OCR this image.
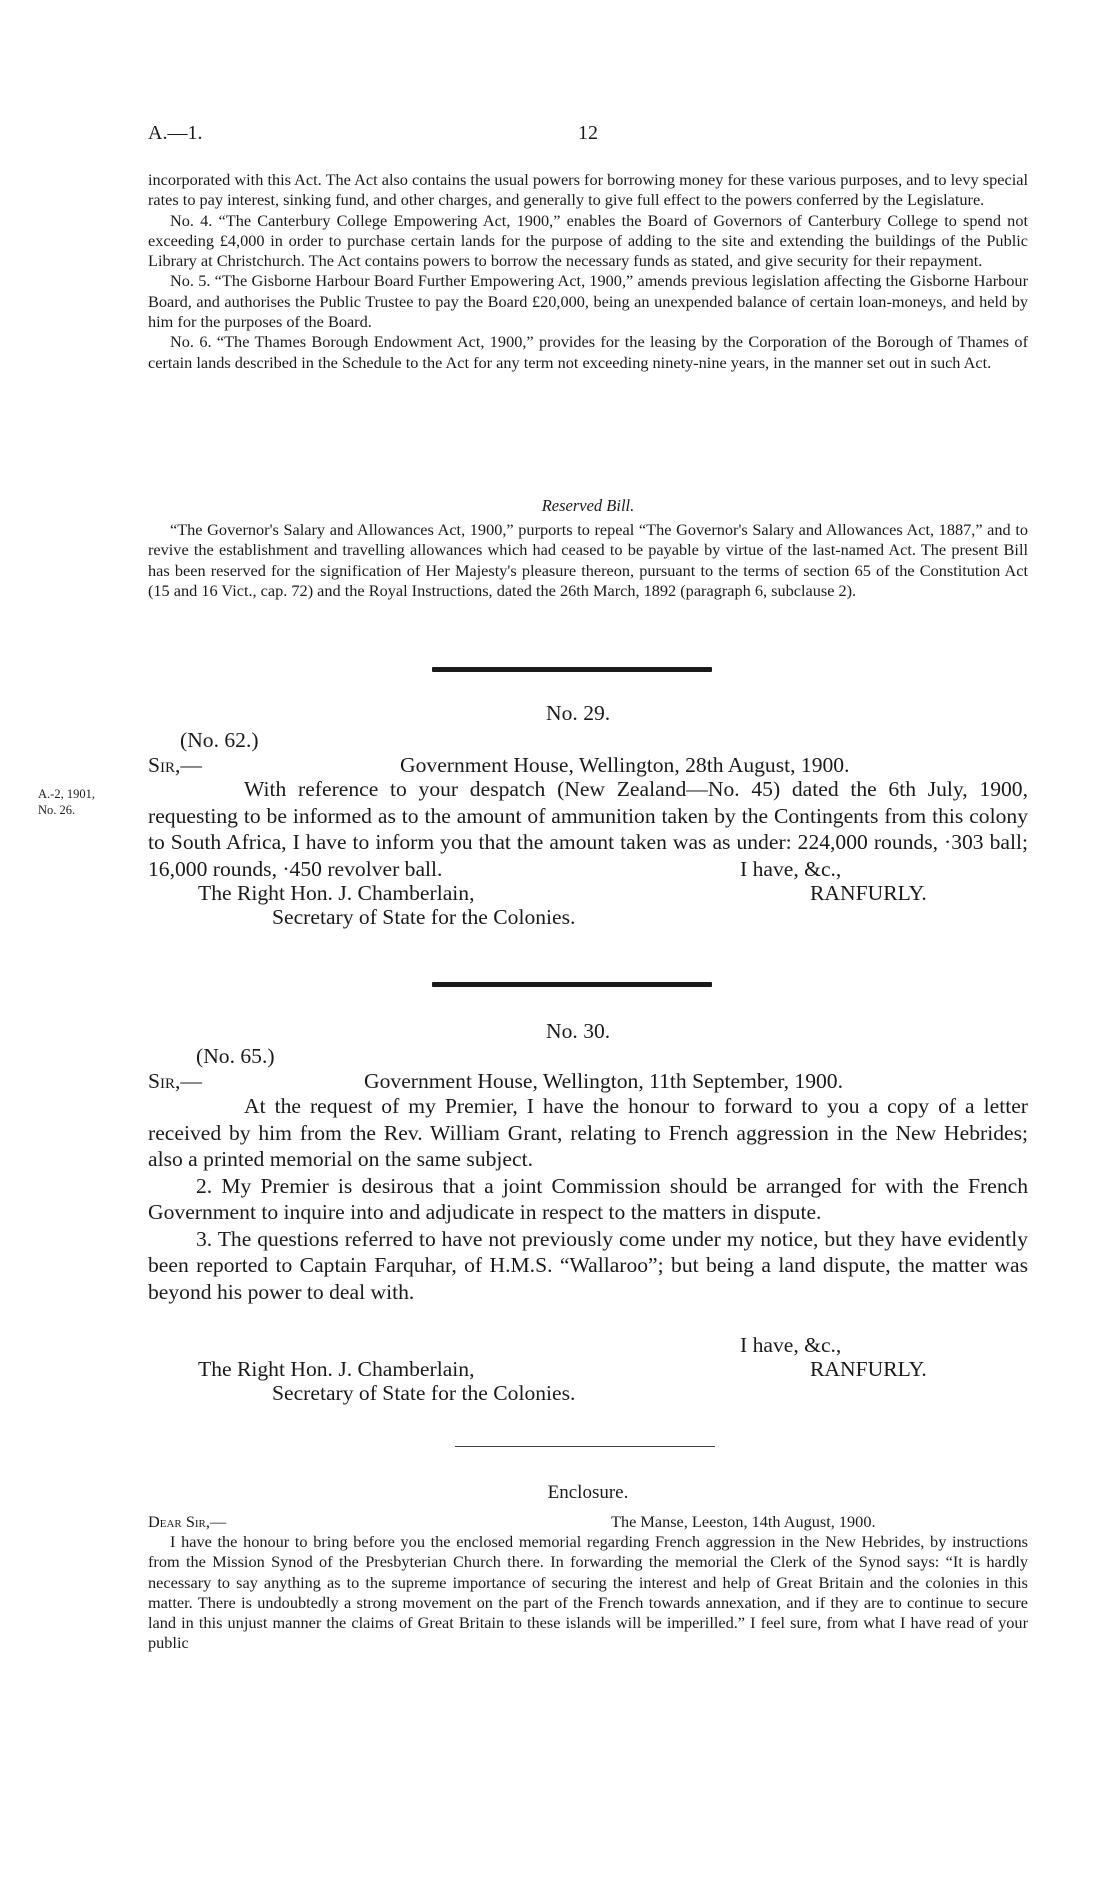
A.—1.	12

incorporated with this Act. The Act also contains the usual powers for borrowing money for these various purposes, and to levy special rates to pay interest, sinking fund, and other charges, and generally to give full effect to the powers conferred by the Legislature.

No. 4. “The Canterbury College Empowering Act, 1900,” enables the Board of Governors of Canterbury College to spend not exceeding £4,000 in order to purchase certain lands for the purpose of adding to the site and extending the buildings of the Public Library at Christchurch. The Act contains powers to borrow the necessary funds as stated, and give security for their repayment.

No. 5. “The Gisborne Harbour Board Further Empowering Act, 1900,” amends previous legislation affecting the Gisborne Harbour Board, and authorises the Public Trustee to pay the Board £20,000, being an unexpended balance of certain loan-moneys, and held by him for the purposes of the Board.

No. 6. “The Thames Borough Endowment Act, 1900,” provides for the leasing by the Corporation of the Borough of Thames of certain lands described in the Schedule to the Act for any term not exceeding ninety-nine years, in the manner set out in such Act.

Reserved Bill.

“The Governor's Salary and Allowances Act, 1900,” purports to repeal “The Governor's Salary and Allowances Act, 1887,” and to revive the establishment and travelling allowances which had ceased to be payable by virtue of the last-named Act. The present Bill has been reserved for the signification of Her Majesty's pleasure thereon, pursuant to the terms of section 65 of the Constitution Act (15 and 16 Vict., cap. 72) and the Royal Instructions, dated the 26th March, 1892 (paragraph 6, subclause 2).

No. 29.
(No. 62.)
Sir,—	Government House, Wellington, 28th August, 1900.
A.-2, 1901,
No. 26.

With reference to your despatch (New Zealand—No. 45) dated the 6th July, 1900, requesting to be informed as to the amount of ammunition taken by the Contingents from this colony to South Africa, I have to inform you that the amount taken was as under: 224,000 rounds, ·303 ball; 16,000 rounds, ·450 revolver ball.	I have, &c.,
The Right Hon. J. Chamberlain,	RANFURLY.
Secretary of State for the Colonies.
No. 30.
(No. 65.)
Sir,—	Government House, Wellington, 11th September, 1900.

At the request of my Premier, I have the honour to forward to you a copy of a letter received by him from the Rev. William Grant, relating to French aggression in the New Hebrides; also a printed memorial on the same subject.

2. My Premier is desirous that a joint Commission should be arranged for with the French Government to inquire into and adjudicate in respect to the matters in dispute.

3. The questions referred to have not previously come under my notice, but they have evidently been reported to Captain Farquhar, of H.M.S. “Wallaroo”; but being a land dispute, the matter was beyond his power to deal with.

I have, &c.,
The Right Hon. J. Chamberlain,	RANFURLY.
Secretary of State for the Colonies.
Enclosure.
Dear Sir,—	The Manse, Leeston, 14th August, 1900.

I have the honour to bring before you the enclosed memorial regarding French aggression in the New Hebrides, by instructions from the Mission Synod of the Presbyterian Church there. In forwarding the memorial the Clerk of the Synod says: “It is hardly necessary to say anything as to the supreme importance of securing the interest and help of Great Britain and the colonies in this matter. There is undoubtedly a strong movement on the part of the French towards annexation, and if they are to continue to secure land in this unjust manner the claims of Great Britain to these islands will be imperilled.” I feel sure, from what I have read of your public
